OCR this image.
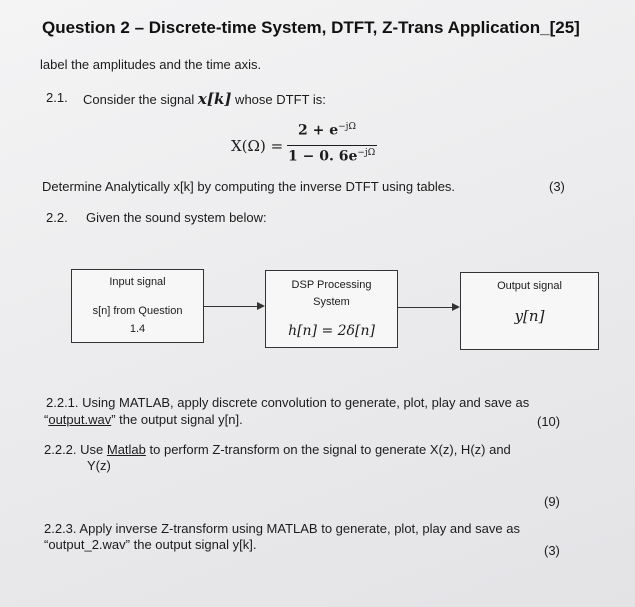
Question 2 – Discrete-time System, DTFT, Z-Trans Application_[25]
label the amplitudes and the time axis.
2.1. Consider the signal x[k] whose DTFT is:
X(Ω) =
$2 + e^{-j\Omega}$
1 − 0. $6e^{-j\Omega}$
Determine Analytically x[k] by computing the inverse DTFT using tables.	(3)
2.2. Given the sound system below:
Input signal
s[n] from Question
1.4
DSP Processing
System
h[n] = 2δ[n]
Output signal
y[n]
2.2.1. Using MATLAB, apply discrete convolution to generate, plot, play and save as
“output.wav” the output signal y[n].	(10)
2.2.2. Use Matlab to perform Z-transform on the signal to generate X(z), H(z) and
Y(z)
(9)
2.2.3. Apply inverse Z-transform using MATLAB to generate, plot, play and save as
“output_2.wav” the output signal y[k].	(3)
